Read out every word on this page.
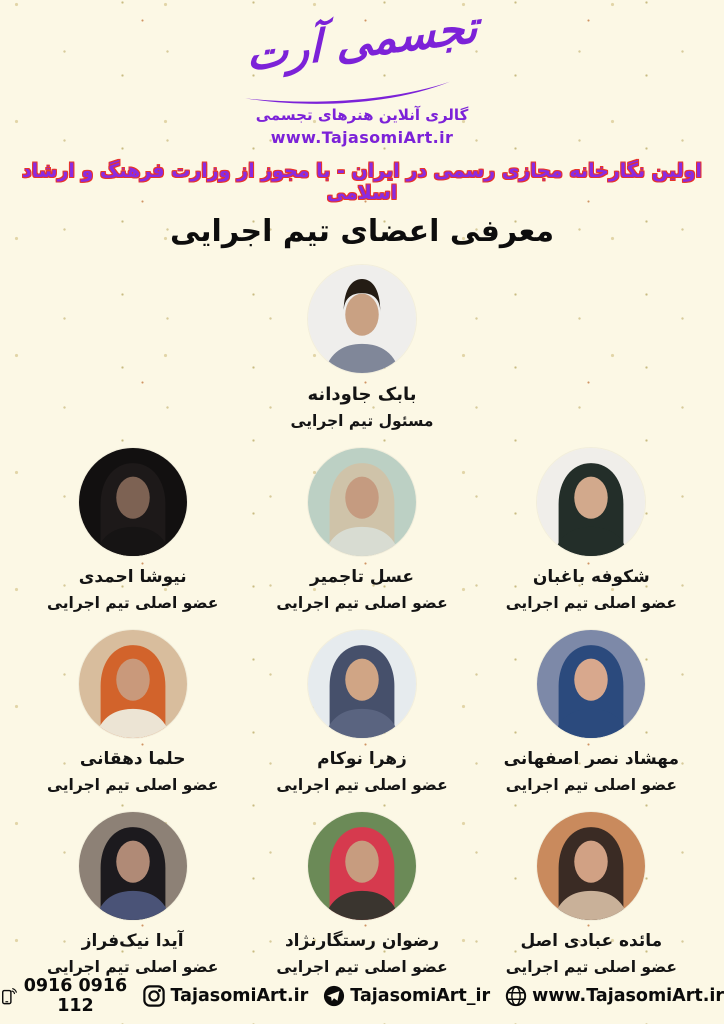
تجسمی آرت
گالری آنلاین هنرهای تجسمی
www.TajasomiArt.ir
اولین نگارخانه مجازی رسمی در ایران - با مجوز از وزارت فرهنگ و ارشاد اسلامی
معرفی اعضای تیم اجرایی
بابک جاودانه
مسئول تیم اجرایی
شکوفه باغبان
عضو اصلی تیم اجرایی
عسل تاجمیر
عضو اصلی تیم اجرایی
نیوشا احمدی
عضو اصلی تیم اجرایی
مهشاد نصر اصفهانی
عضو اصلی تیم اجرایی
زهرا نوکام
عضو اصلی تیم اجرایی
حلما دهقانی
عضو اصلی تیم اجرایی
مائده عبادی اصل
عضو اصلی تیم اجرایی
رضوان رستگارنژاد
عضو اصلی تیم اجرایی
آیدا نیک‌فراز
عضو اصلی تیم اجرایی
0916 0916 112	TajasomiArt.ir TajasomiArt_ir www.TajasomiArt.ir
